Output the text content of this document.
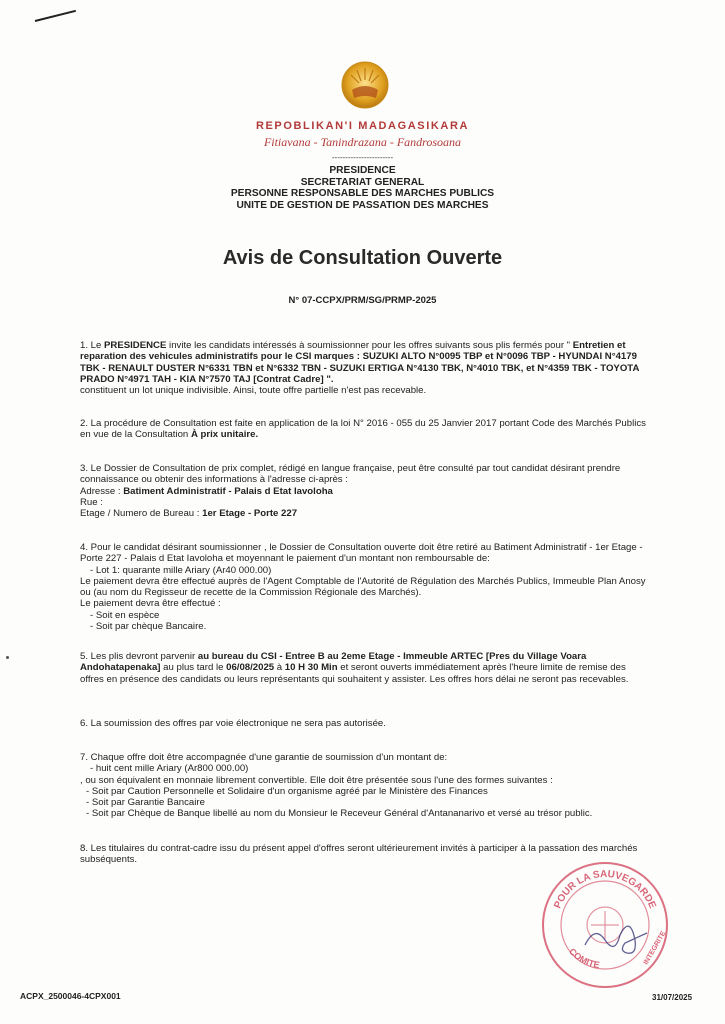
REPOBLIKAN'I MADAGASIKARA
Fitiavana - Tanindrazana - Fandrosoana
-----------------------
PRESIDENCE
SECRETARIAT GENERAL
PERSONNE RESPONSABLE DES MARCHES PUBLICS
UNITE DE GESTION DE PASSATION DES MARCHES
Avis de Consultation Ouverte
N° 07-CCPX/PRM/SG/PRMP-2025

1. Le PRESIDENCE invite les candidats intéressés à soumissionner pour les offres suivants sous plis fermés pour " Entretien et reparation des vehicules administratifs pour le CSI marques : SUZUKI ALTO N°0095 TBP et N°0096 TBP - HYUNDAI N°4179 TBK - RENAULT DUSTER N°6331 TBN et N°6332 TBN - SUZUKI ERTIGA N°4130 TBK, N°4010 TBK, et N°4359 TBK - TOYOTA PRADO N°4971 TAH - KIA N°7570 TAJ [Contrat Cadre] ".

constituent un lot unique indivisible. Ainsi, toute offre partielle n'est pas recevable.

2. La procédure de Consultation est faite en application de la loi N° 2016 - 055 du 25 Janvier 2017 portant Code des Marchés Publics en vue de la Consultation À prix unitaire.

3. Le Dossier de Consultation de prix complet, rédigé en langue française, peut être consulté par tout candidat désirant prendre connaissance ou obtenir des informations à l'adresse ci-après :

Adresse : Batiment Administratif - Palais d Etat Iavoloha

Rue :

Etage / Numero de Bureau : 1er Etage - Porte 227

4. Pour le candidat désirant soumissionner , le Dossier de Consultation ouverte doit être retiré au Batiment Administratif - 1er Etage - Porte 227 - Palais d Etat Iavoloha et moyennant le paiement d'un montant non remboursable de:

- Lot 1: quarante mille Ariary (Ar40 000.00)

Le paiement devra être effectué auprès de l'Agent Comptable de l'Autorité de Régulation des Marchés Publics, Immeuble Plan Anosy ou (au nom du Regisseur de recette de la Commission Régionale des Marchés).

Le paiement devra être effectué :

- Soit en espèce

- Soit par chèque Bancaire.

5. Les plis devront parvenir au bureau du CSI - Entree B au 2eme Etage - Immeuble ARTEC [Pres du Village Voara Andohatapenaka] au plus tard le 06/08/2025 à 10 H 30 Min et seront ouverts immédiatement après l'heure limite de remise des offres en présence des candidats ou leurs représentants qui souhaitent y assister. Les offres hors délai ne seront pas recevables.

6. La soumission des offres par voie électronique ne sera pas autorisée.

7. Chaque offre doit être accompagnée d'une garantie de soumission d'un montant de:

- huit cent mille Ariary (Ar800 000.00)

, ou son équivalent en monnaie librement convertible. Elle doit être présentée sous l'une des formes suivantes :

- Soit par Caution Personnelle et Solidaire d'un organisme agréé par le Ministère des Finances

- Soit par Garantie Bancaire

- Soit par Chèque de Banque libellé au nom du Monsieur le Receveur Général d'Antananarivo et versé au trésor public.

8. Les titulaires du contrat-cadre issu du présent appel d'offres seront ultérieurement invités à participer à la passation des marchés subséquents.

POUR LA SAUVEGARDE
COMITE	INTEGRITE
ACPX_2500046-4CPX001	31/07/2025
